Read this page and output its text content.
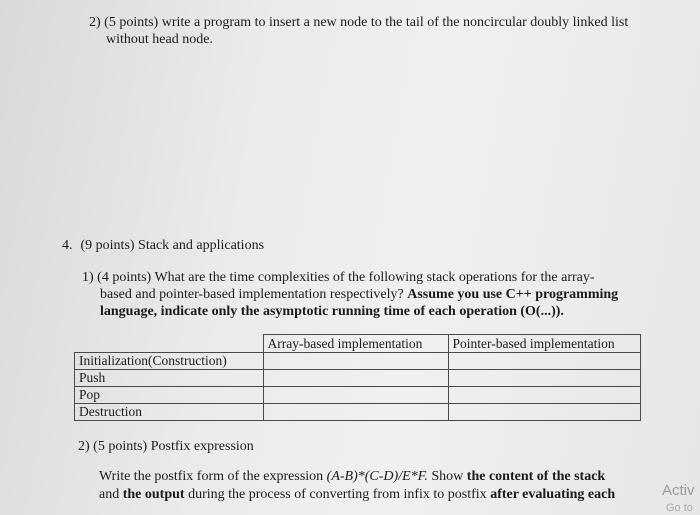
2) (5 points) write a program to insert a new node to the tail of the noncircular doubly linked list
without head node.
4. (9 points) Stack and applications
1) (4 points) What are the time complexities of the following stack operations for the array-
based and pointer-based implementation respectively? Assume you use C++ programming
language, indicate only the asymptotic running time of each operation (O(...)).
	Array-based implementation	Pointer-based implementation
Initialization(Construction)		
Push		
Pop		
Destruction		
2) (5 points) Postfix expression
Write the postfix form of the expression (A-B)*(C-D)/E*F. Show the content of the stack
and the output during the process of converting from infix to postfix after evaluating each	Activ
Go to
